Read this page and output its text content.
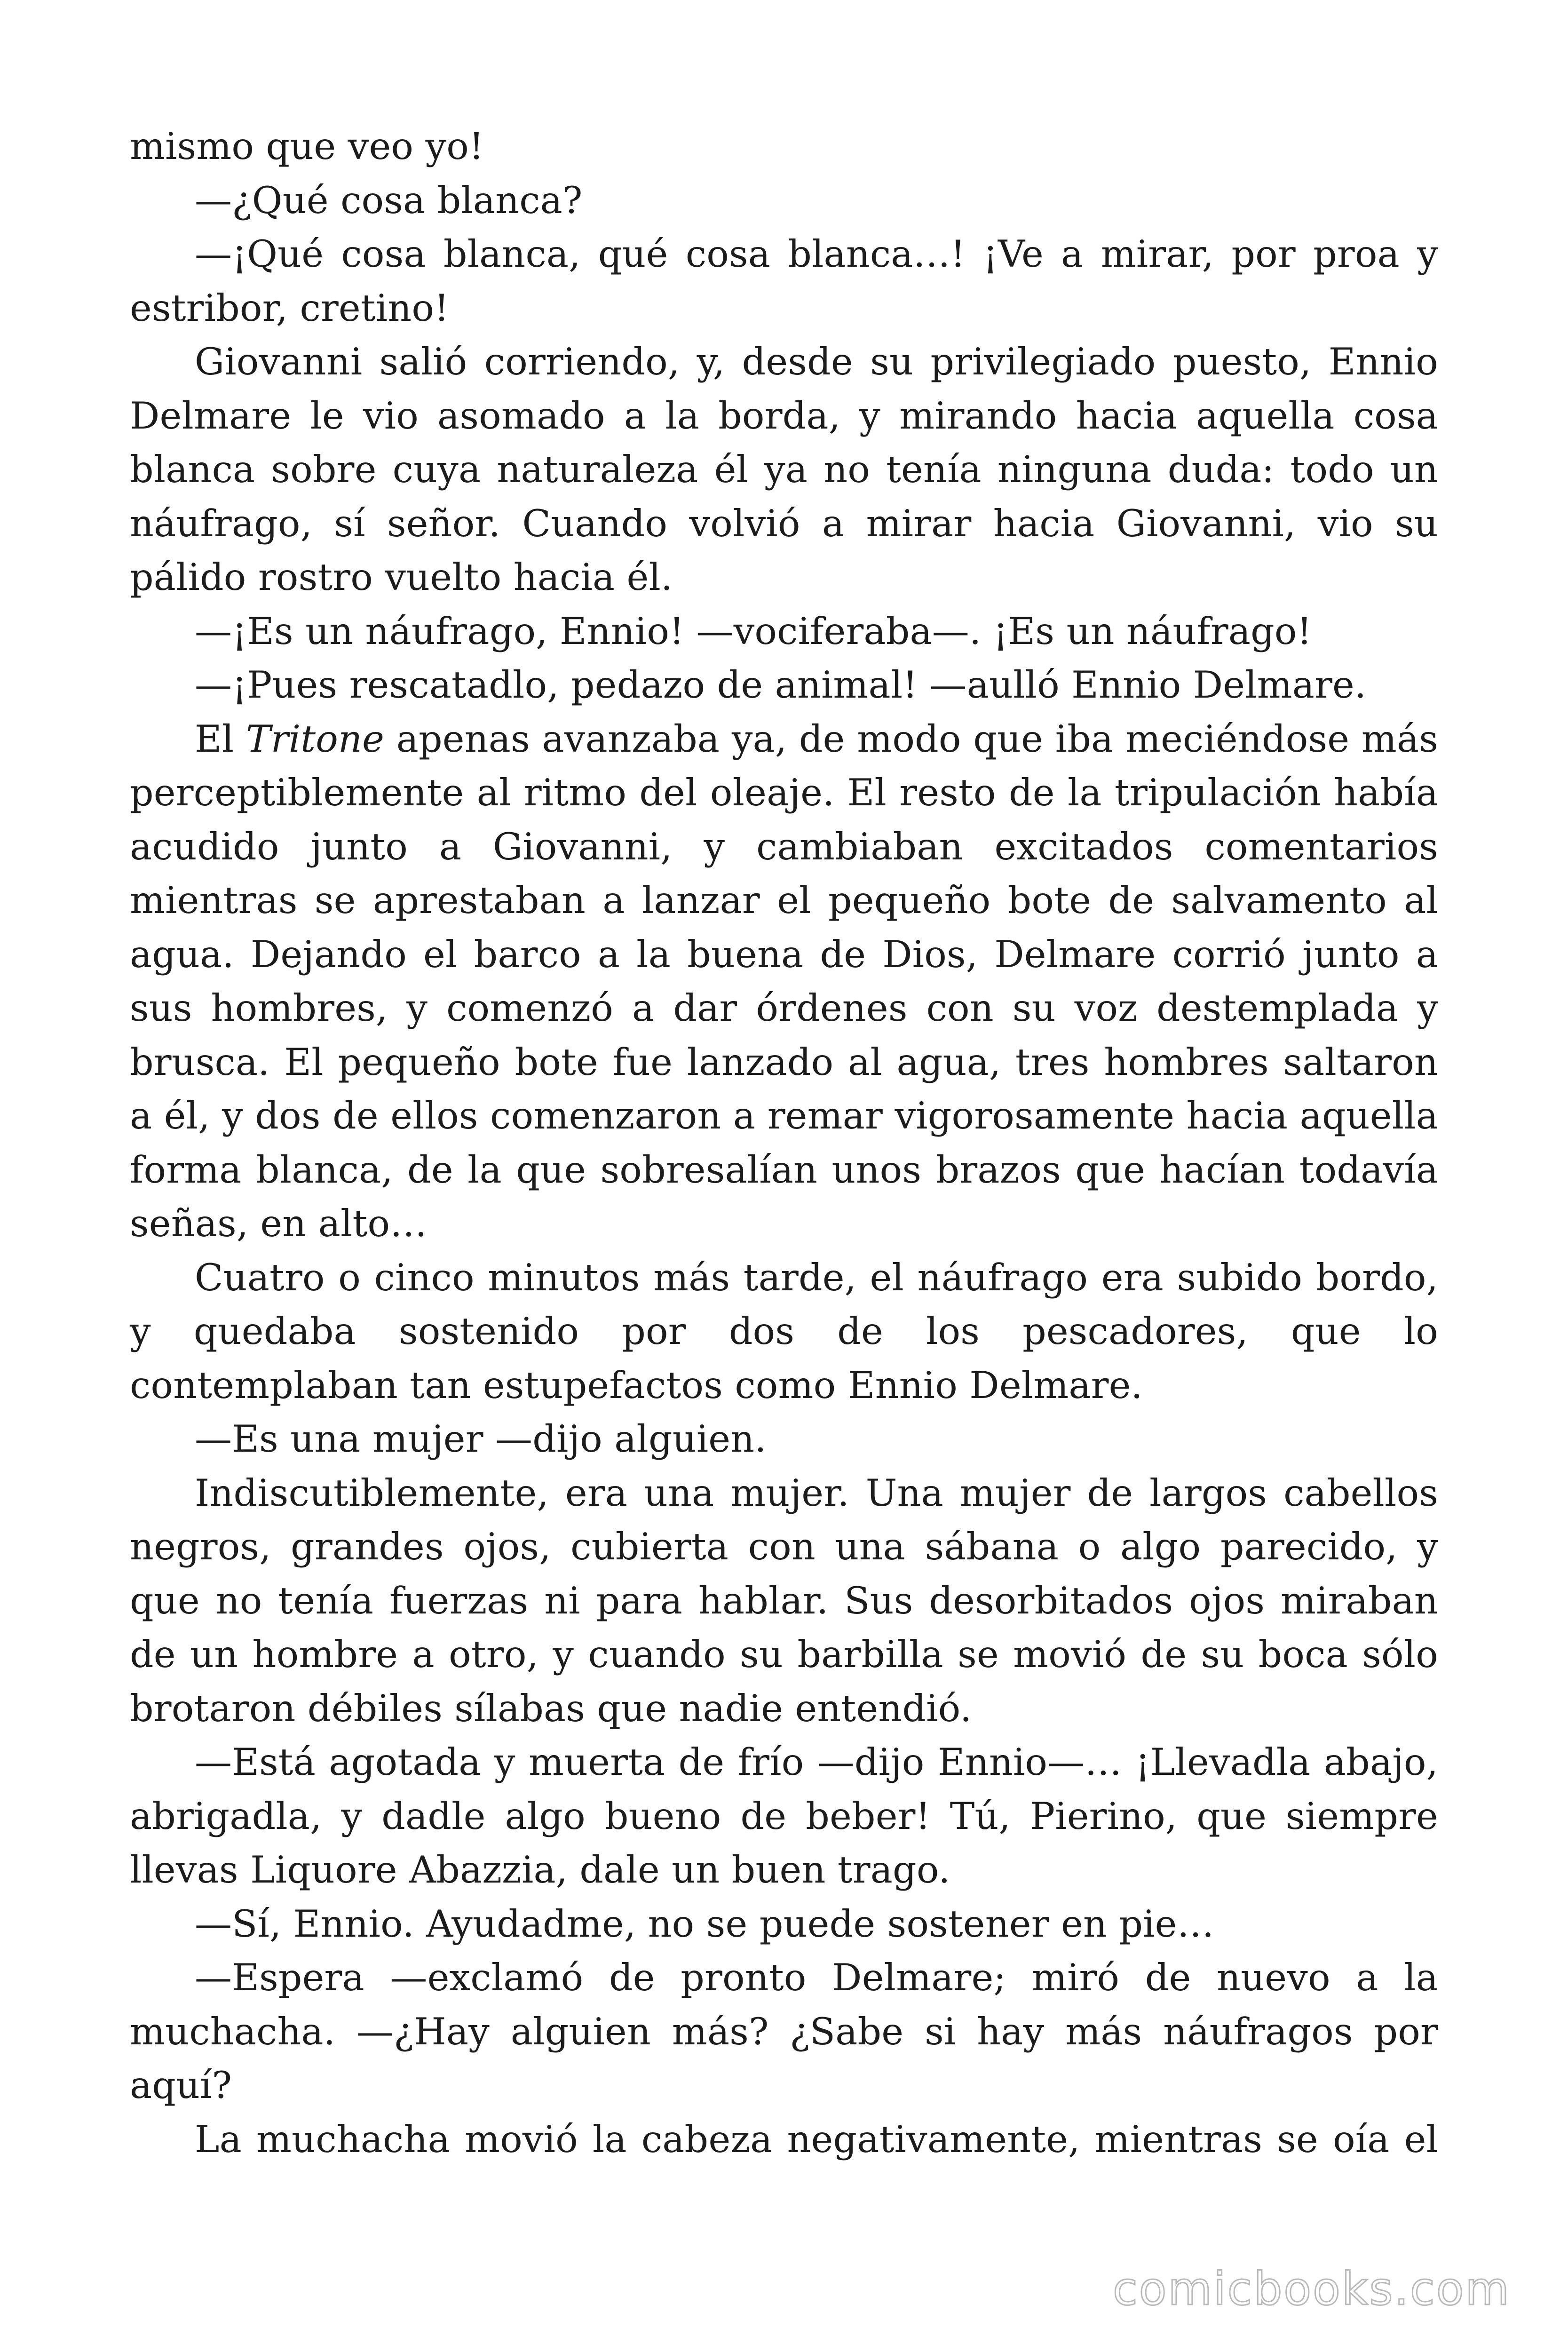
mismo que veo yo!

—¿Qué cosa blanca?

—¡Qué cosa blanca, qué cosa blanca…! ¡Ve a mirar, por proa y estribor, cretino!

Giovanni salió corriendo, y, desde su privilegiado puesto, Ennio Delmare le vio asomado a la borda, y mirando hacia aquella cosa blanca sobre cuya naturaleza él ya no tenía ninguna duda: todo un náufrago, sí señor. Cuando volvió a mirar hacia Giovanni, vio su pálido rostro vuelto hacia él.

—¡Es un náufrago, Ennio! —vociferaba—. ¡Es un náufrago!

—¡Pues rescatadlo, pedazo de animal! —aulló Ennio Delmare.

El Tritone apenas avanzaba ya, de modo que iba meciéndose más perceptiblemente al ritmo del oleaje. El resto de la tripulación había acudido junto a Giovanni, y cambiaban excitados comentarios mientras se aprestaban a lanzar el pequeño bote de salvamento al agua. Dejando el barco a la buena de Dios, Delmare corrió junto a sus hombres, y comenzó a dar órdenes con su voz destemplada y brusca. El pequeño bote fue lanzado al agua, tres hombres saltaron a él, y dos de ellos comenzaron a remar vigorosamente hacia aquella forma blanca, de la que sobresalían unos brazos que hacían todavía señas, en alto…

Cuatro o cinco minutos más tarde, el náufrago era subido bordo, y quedaba sostenido por dos de los pescadores, que lo contemplaban tan estupefactos como Ennio Delmare.

—Es una mujer —dijo alguien.

Indiscutiblemente, era una mujer. Una mujer de largos cabellos negros, grandes ojos, cubierta con una sábana o algo parecido, y que no tenía fuerzas ni para hablar. Sus desorbitados ojos miraban de un hombre a otro, y cuando su barbilla se movió de su boca sólo brotaron débiles sílabas que nadie entendió.

—Está agotada y muerta de frío —dijo Ennio—… ¡Llevadla abajo, abrigadla, y dadle algo bueno de beber! Tú, Pierino, que siempre llevas Liquore Abazzia, dale un buen trago.

—Sí, Ennio. Ayudadme, no se puede sostener en pie…

—Espera —exclamó de pronto Delmare; miró de nuevo a la muchacha. —¿Hay alguien más? ¿Sabe si hay más náufragos por aquí?

La muchacha movió la cabeza negativamente, mientras se oía el

comicbooks.com
